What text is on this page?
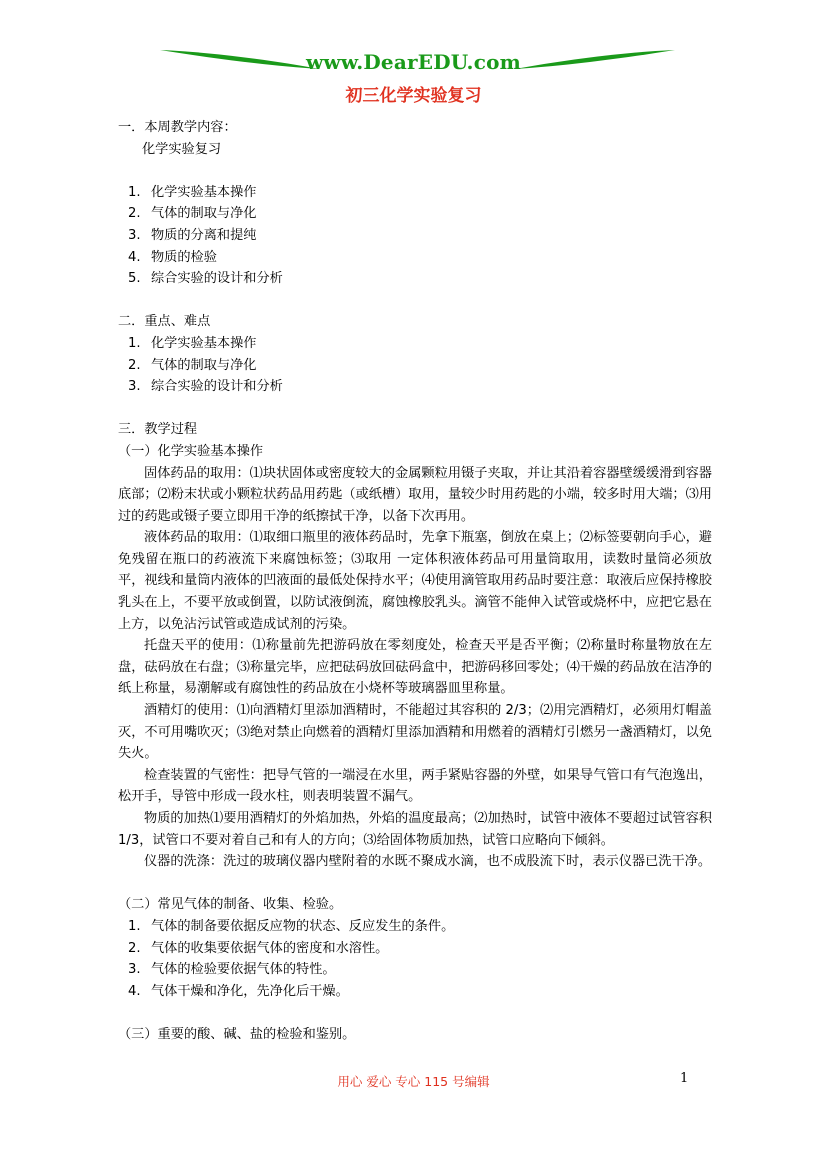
www.DearEDU.com
初三化学实验复习
一．本周教学内容：
化学实验复习
1. 化学实验基本操作
2. 气体的制取与净化
3. 物质的分离和提纯
4. 物质的检验
5. 综合实验的设计和分析
二．重点、难点
1. 化学实验基本操作
2. 气体的制取与净化
3. 综合实验的设计和分析
三．教学过程
（一）化学实验基本操作
固体药品的取用：⑴块状固体或密度较大的金属颗粒用镊子夹取，并让其沿着容器壁缓缓滑到容器底部；⑵粉末状或小颗粒状药品用药匙（或纸槽）取用，量较少时用药匙的小端，较多时用大端；⑶用过的药匙或镊子要立即用干净的纸擦拭干净，以备下次再用。
液体药品的取用：⑴取细口瓶里的液体药品时，先拿下瓶塞，倒放在桌上；⑵标签要朝向手心，避免残留在瓶口的药液流下来腐蚀标签；⑶取用 一定体积液体药品可用量筒取用，读数时量筒必须放平，视线和量筒内液体的凹液面的最低处保持水平；⑷使用滴管取用药品时要注意：取液后应保持橡胶乳头在上，不要平放或倒置，以防试液倒流，腐蚀橡胶乳头。滴管不能伸入试管或烧杯中，应把它悬在上方，以免沾污试管或造成试剂的污染。
托盘天平的使用：⑴称量前先把游码放在零刻度处，检查天平是否平衡；⑵称量时称量物放在左盘，砝码放在右盘；⑶称量完毕，应把砝码放回砝码盒中，把游码移回零处；⑷干燥的药品放在洁净的纸上称量，易潮解或有腐蚀性的药品放在小烧杯等玻璃器皿里称量。
酒精灯的使用：⑴向酒精灯里添加酒精时，不能超过其容积的 2/3；⑵用完酒精灯，必须用灯帽盖灭，不可用嘴吹灭；⑶绝对禁止向燃着的酒精灯里添加酒精和用燃着的酒精灯引燃另一盏酒精灯，以免失火。
检查装置的气密性：把导气管的一端浸在水里，两手紧贴容器的外壁，如果导气管口有气泡逸出，松开手，导管中形成一段水柱，则表明装置不漏气。
物质的加热⑴要用酒精灯的外焰加热，外焰的温度最高；⑵加热时，试管中液体不要超过试管容积 1/3，试管口不要对着自己和有人的方向；⑶给固体物质加热，试管口应略向下倾斜。
仪器的洗涤：洗过的玻璃仪器内壁附着的水既不聚成水滴，也不成股流下时，表示仪器已洗干净。
（二）常见气体的制备、收集、检验。
1. 气体的制备要依据反应物的状态、反应发生的条件。
2. 气体的收集要依据气体的密度和水溶性。
3. 气体的检验要依据气体的特性。
4. 气体干燥和净化，先净化后干燥。
（三）重要的酸、碱、盐的检验和鉴别。
用心 爱心 专心 115 号编辑	1
